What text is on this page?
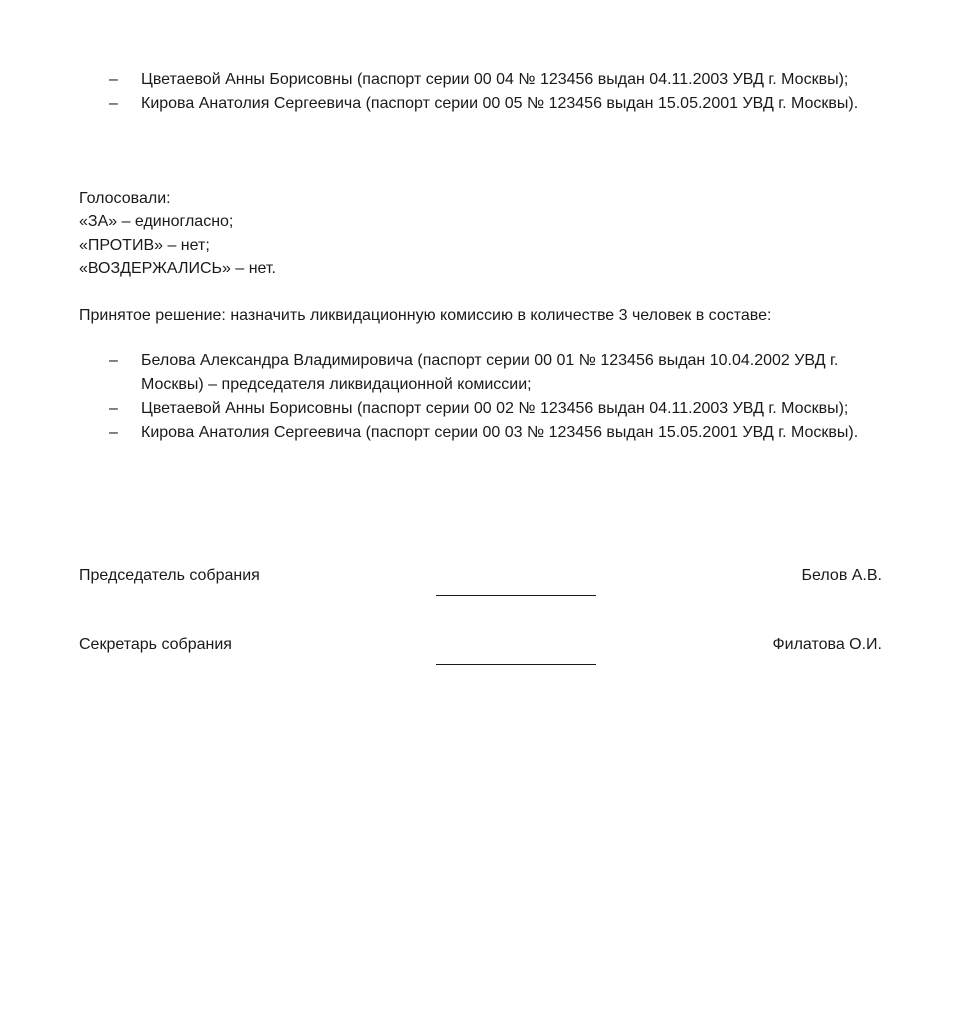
– Цветаевой Анны Борисовны (паспорт серии 00 04 № 123456 выдан 04.11.2003 УВД г. Москвы);
– Кирова Анатолия Сергеевича (паспорт серии 00 05 № 123456 выдан 15.05.2001 УВД г. Москвы).
Голосовали:
«ЗА» – единогласно;
«ПРОТИВ» – нет;
«ВОЗДЕРЖАЛИСЬ» – нет.
Принятое решение: назначить ликвидационную комиссию в количестве 3 человек в составе:
– Белова Александра Владимировича (паспорт серии 00 01 № 123456 выдан 10.04.2002 УВД г. Москвы) – председателя ликвидационной комиссии;
– Цветаевой Анны Борисовны (паспорт серии 00 02 № 123456 выдан 04.11.2003 УВД г. Москвы);
– Кирова Анатолия Сергеевича (паспорт серии 00 03 № 123456 выдан 15.05.2001 УВД г. Москвы).
Председатель собрания	Белов А.В.
Секретарь собрания	Филатова О.И.
